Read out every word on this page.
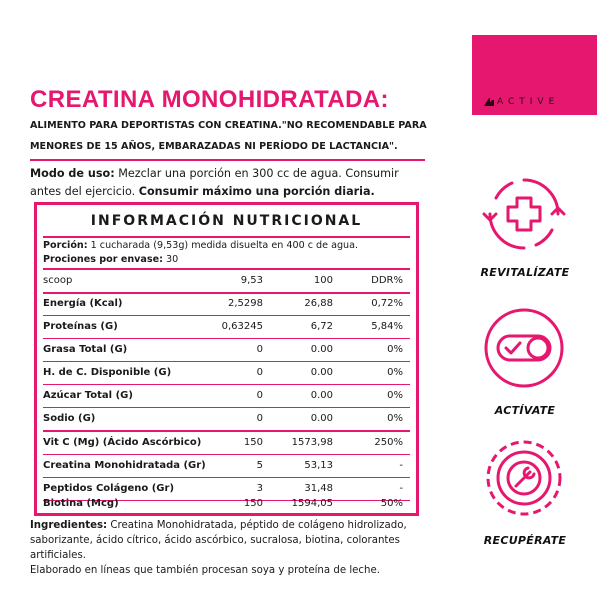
ACTIVE
CREATINA MONOHIDRATADA:
ALIMENTO PARA DEPORTISTAS CON CREATINA."NO RECOMENDABLE PARA MENORES DE 15 AÑOS, EMBARAZADAS NI PERÍODO DE LACTANCIA".
Modo de uso: Mezclar una porción en 300 cc de agua. Consumir antes del ejercicio. Consumir máximo una porción diaria.
INFORMACIÓN NUTRICIONAL
Porción: 1 cucharada (9,53g) medida disuelta en 400 c de agua.
Prociones por envase: 30
scoop	9,53	100	DDR%
Energía (Kcal)	2,5298	26,88	0,72%
Proteínas (G)	0,63245	6,72	5,84%
Grasa Total (G)	0	0.00	0%
H. de C. Disponible (G)	0	0.00	0%
Azúcar Total (G)	0	0.00	0%
Sodio (G)	0	0.00	0%
Vit C (Mg) (Ácido Ascórbico)	150	1573,98	250%
Creatina Monohidratada (Gr)	5	53,13	-
Peptidos Colágeno (Gr)	3	31,48	-
Biotina (Mcg)	150	1594,05	50%
Ingredientes: Creatina Monohidratada, péptido de colágeno hidrolizado, saborizante, ácido cítrico, ácido ascórbico, sucralosa, biotina, colorantes artificiales.
Elaborado en líneas que también procesan soya y proteína de leche.
REVITALÍZATE
ACTÍVATE
RECUPÉRATE
